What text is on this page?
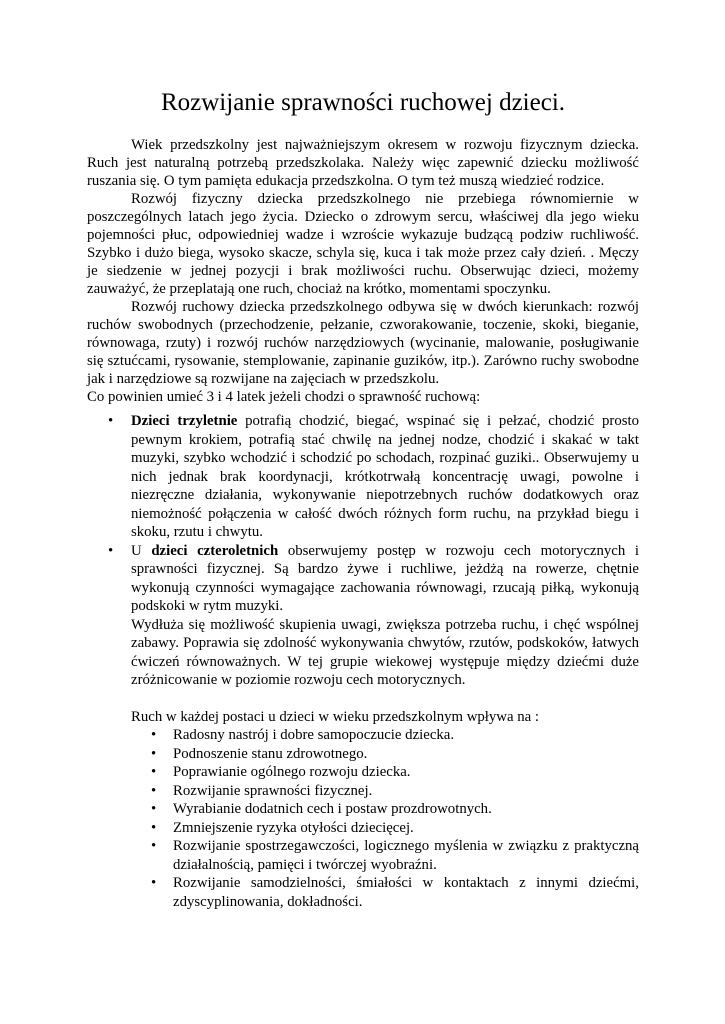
Rozwijanie sprawności ruchowej dzieci.

Wiek przedszkolny jest najważniejszym okresem w rozwoju fizycznym dziecka. Ruch jest naturalną potrzebą przedszkolaka. Należy więc zapewnić dziecku możliwość ruszania się. O tym pamięta edukacja przedszkolna. O tym też muszą wiedzieć rodzice.

Rozwój fizyczny dziecka przedszkolnego nie przebiega równomiernie w poszczególnych latach jego życia. Dziecko o zdrowym sercu, właściwej dla jego wieku pojemności płuc, odpowiedniej wadze i wzroście wykazuje budzącą podziw ruchliwość. Szybko i dużo biega, wysoko skacze, schyla się, kuca i tak może przez cały dzień. . Męczy je siedzenie w jednej pozycji i brak możliwości ruchu. Obserwując dzieci, możemy zauważyć, że przeplatają one ruch, chociaż na krótko, momentami spoczynku.

Rozwój ruchowy dziecka przedszkolnego odbywa się w dwóch kierunkach: rozwój ruchów swobodnych (przechodzenie, pełzanie, czworakowanie, toczenie, skoki, bieganie, równowaga, rzuty) i rozwój ruchów narzędziowych (wycinanie, malowanie, posługiwanie się sztućcami, rysowanie, stemplowanie, zapinanie guzików, itp.). Zarówno ruchy swobodne jak i narzędziowe są rozwijane na zajęciach w przedszkolu.

Co powinien umieć 3 i 4 latek jeżeli chodzi o sprawność ruchową:

• Dzieci trzyletnie potrafią chodzić, biegać, wspinać się i pełzać, chodzić prosto pewnym krokiem, potrafią stać chwilę na jednej nodze, chodzić i skakać w takt muzyki, szybko wchodzić i schodzić po schodach, rozpinać guziki.. Obserwujemy u nich jednak brak koordynacji, krótkotrwałą koncentrację uwagi, powolne i niezręczne działania, wykonywanie niepotrzebnych ruchów dodatkowych oraz niemożność połączenia w całość dwóch różnych form ruchu, na przykład biegu i skoku, rzutu i chwytu.
• U dzieci czteroletnich obserwujemy postęp w rozwoju cech motorycznych i sprawności fizycznej. Są bardzo żywe i ruchliwe, jeżdżą na rowerze, chętnie wykonują czynności wymagające zachowania równowagi, rzucają piłką, wykonują podskoki w rytm muzyki.

Wydłuża się możliwość skupienia uwagi, zwiększa potrzeba ruchu, i chęć wspólnej zabawy. Poprawia się zdolność wykonywania chwytów, rzutów, podskoków, łatwych ćwiczeń równoważnych. W tej grupie wiekowej występuje między dziećmi duże zróżnicowanie w poziomie rozwoju cech motorycznych.

Ruch w każdej postaci u dzieci w wieku przedszkolnym wpływa na :

• Radosny nastrój i dobre samopoczucie dziecka.
• Podnoszenie stanu zdrowotnego.
• Poprawianie ogólnego rozwoju dziecka.
• Rozwijanie sprawności fizycznej.
• Wyrabianie dodatnich cech i postaw prozdrowotnych.
• Zmniejszenie ryzyka otyłości dziecięcej.
• Rozwijanie spostrzegawczości, logicznego myślenia w związku z praktyczną działalnością, pamięci i twórczej wyobraźni.
• Rozwijanie samodzielności, śmiałości w kontaktach z innymi dziećmi, zdyscyplinowania, dokładności.
